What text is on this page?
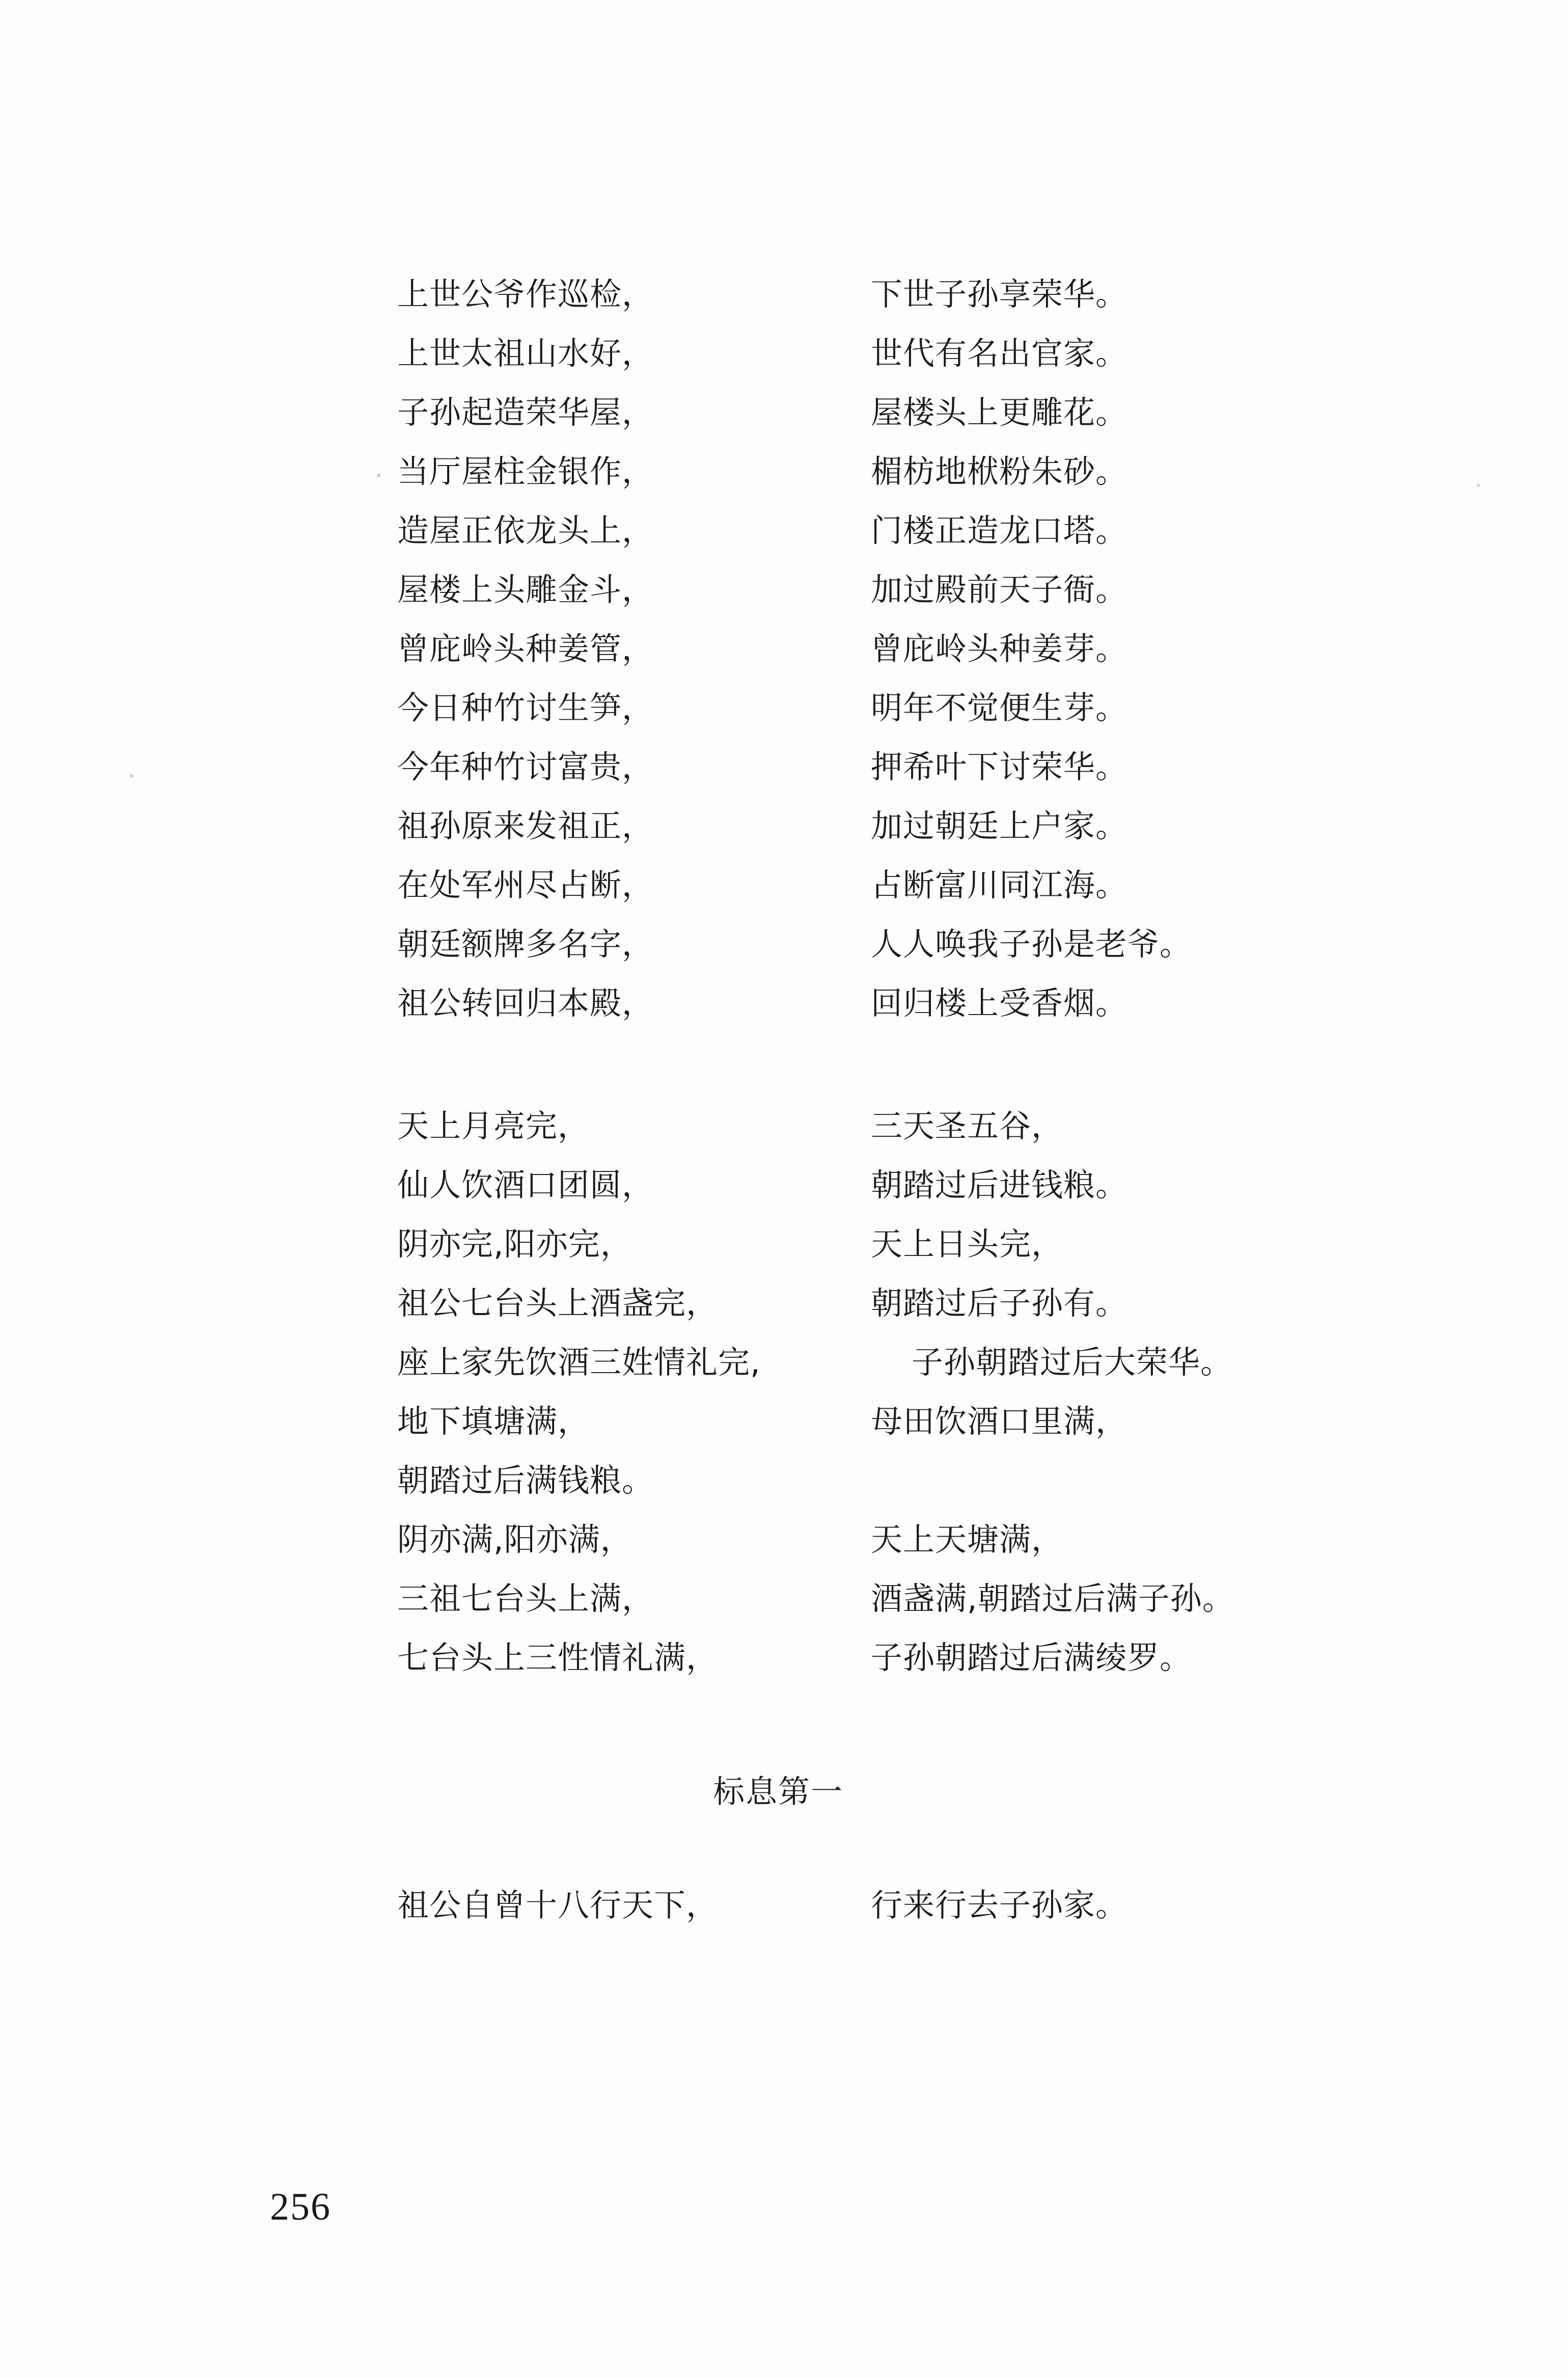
上世公爷作巡检，	下世子孙享荣华。
上世太祖山水好，	世代有名出官家。
子孙起造荣华屋，	屋楼头上更雕花。
当厅屋柱金银作，	楣枋地栿粉朱砂。
造屋正依龙头上，	门楼正造龙口塔。
屋楼上头雕金斗，	加过殿前天子衙。
曾庇岭头种姜管，	曾庇岭头种姜芽。
今日种竹讨生笋，	明年不觉便生芽。
今年种竹讨富贵，	押希叶下讨荣华。
祖孙原来发祖正，	加过朝廷上户家。
在处军州尽占断，	占断富川同江海。
朝廷额牌多名字，	人人唤我子孙是老爷。
祖公转回归本殿，	回归楼上受香烟。
天上月亮完，	三天圣五谷，
仙人饮酒口团圆，	朝踏过后进钱粮。
阴亦完,阳亦完，	天上日头完，
祖公七台头上酒盏完，	朝踏过后子孙有。
座上家先饮酒三姓情礼完,	子孙朝踏过后大荣华。
地下填塘满，	母田饮酒口里满，
朝踏过后满钱粮。
阴亦满,阳亦满，	天上天塘满，
三祖七台头上满，	酒盏满,朝踏过后满子孙。
七台头上三性情礼满，	子孙朝踏过后满绫罗。
标息第一
祖公自曾十八行天下，	行来行去子孙家。
256
